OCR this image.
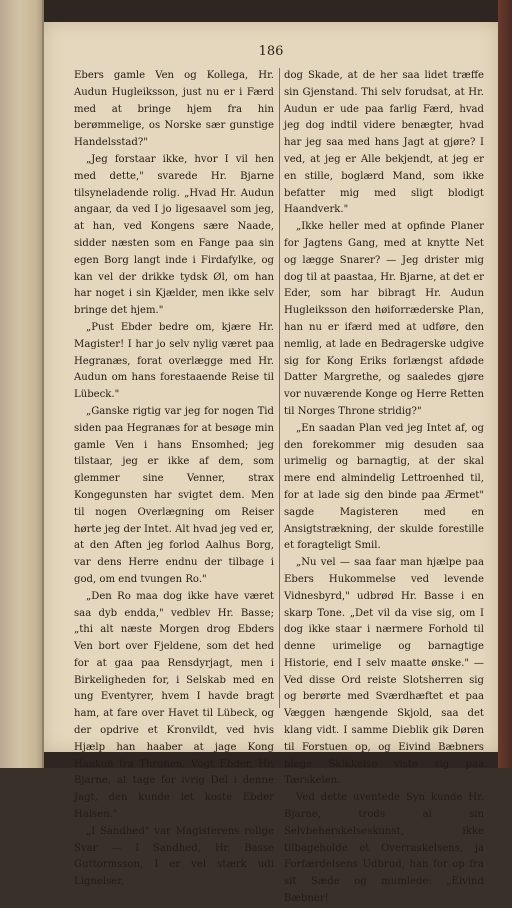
186

Ebers gamle Ven og Kollega, Hr. Audun Hugleiksson, just nu er i Færd med at bringe hjem fra hin berømmelige, os Norske sær gunstige Handelsstad?"

„Jeg forstaar ikke, hvor I vil hen med dette," svarede Hr. Bjarne tilsyneladende rolig. „Hvad Hr. Audun angaar, da ved I jo ligesaavel som jeg, at han, ved Kongens sære Naade, sidder næsten som en Fange paa sin egen Borg langt inde i Firdafylke, og kan vel der drikke tydsk Øl, om han har noget i sin Kjælder, men ikke selv bringe det hjem."

„Pust Ebder bedre om, kjære Hr. Magister! I har jo selv nylig været paa Hegranæs, forat overlægge med Hr. Audun om hans forestaaende Reise til Lübeck."

„Ganske rigtig var jeg for nogen Tid siden paa Hegranæs for at besøge min gamle Ven i hans Ensomhed; jeg tilstaar, jeg er ikke af dem, som glemmer sine Venner, strax Kongegunsten har svigtet dem. Men til nogen Overlægning om Reiser hørte jeg der Intet. Alt hvad jeg ved er, at den Aften jeg forlod Aalhus Borg, var dens Herre endnu der tilbage i god, om end tvungen Ro."

„Den Ro maa dog ikke have været saa dyb endda," vedblev Hr. Basse; „thi alt næste Morgen drog Ebders Ven bort over Fjeldene, som det hed for at gaa paa Rensdyrjagt, men i Birkeligheden for, i Selskab med en ung Eventyrer, hvem I havde bragt ham, at fare over Havet til Lübeck, og der opdrive et Kronvildt, ved hvis Hjælp han haaber at jage Kong Haakon fra Thronen. Vogt Ebder, Hr. Bjarne, at tage for ivrig Del i denne Jagt, den kunde let koste Ebder Halsen."

„I Sandhed" var Magisterens rolige Svar — I Sandhed, Hr. Basse Guttormsson, I er vel stærk udi Lignelser,

dog Skade, at de her saa lidet træffe sin Gjenstand. Thi selv forudsat, at Hr. Audun er ude paa farlig Færd, hvad jeg dog indtil videre benægter, hvad har jeg saa med hans Jagt at gjøre? I ved, at jeg er Alle bekjendt, at jeg er en stille, boglærd Mand, som ikke befatter mig med sligt blodigt Haandverk."

„Ikke heller med at opfinde Planer for Jagtens Gang, med at knytte Net og lægge Snarer? — Jeg drister mig dog til at paastaa, Hr. Bjarne, at det er Eder, som har bibragt Hr. Audun Hugleiksson den høiforræderske Plan, han nu er ifærd med at udføre, den nemlig, at lade en Bedragerske udgive sig for Kong Eriks forlængst afdøde Datter Margrethe, og saaledes gjøre vor nuværende Konge og Herre Retten til Norges Throne stridig?"

„En saadan Plan ved jeg Intet af, og den forekommer mig desuden saa urimelig og barnagtig, at der skal mere end almindelig Lettroenhed til, for at lade sig den binde paa Ærmet" sagde Magisteren med en Ansigtstrækning, der skulde forestille et foragteligt Smil.

„Nu vel — saa faar man hjælpe paa Ebers Hukommelse ved levende Vidnesbyrd," udbrød Hr. Basse i en skarp Tone. „Det vil da vise sig, om I dog ikke staar i nærmere Forhold til denne urimelige og barnagtige Historie, end I selv maatte ønske." — Ved disse Ord reiste Slotsherren sig og berørte med Sværdhæftet et paa Væggen hængende Skjold, saa det klang vidt. I samme Dieblik gik Døren til Forstuen op, og Eivind Bæbners blege Skikkelse viste sig paa Tærskelen.

Ved dette uventede Syn kunde Hr. Bjarne, trods al sin Selvbeherskelseskunst, ikke tilbageholde et Overraskelsens, ja Forfærdelsens Udbrud, han for op fra sit Sæde og mumlede: „Eivind Bæbner!
